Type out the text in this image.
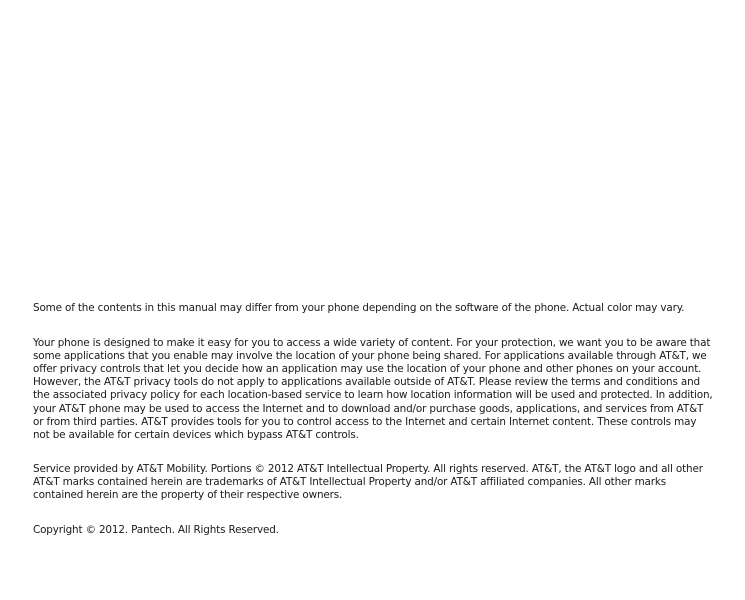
Some of the contents in this manual may differ from your phone depending on the software of the phone. Actual color may vary.

Your phone is designed to make it easy for you to access a wide variety of content. For your protection, we want you to be aware that some applications that you enable may involve the location of your phone being shared. For applications available through AT&T, we offer privacy controls that let you decide how an application may use the location of your phone and other phones on your account. However, the AT&T privacy tools do not apply to applications available outside of AT&T. Please review the terms and conditions and the associated privacy policy for each location-based service to learn how location information will be used and protected. In addition, your AT&T phone may be used to access the Internet and to download and/or purchase goods, applications, and services from AT&T or from third parties. AT&T provides tools for you to control access to the Internet and certain Internet content. These controls may not be available for certain devices which bypass AT&T controls.

Service provided by AT&T Mobility. Portions © 2012 AT&T Intellectual Property. All rights reserved. AT&T, the AT&T logo and all other AT&T marks contained herein are trademarks of AT&T Intellectual Property and/or AT&T affiliated companies. All other marks contained herein are the property of their respective owners.

Copyright © 2012. Pantech. All Rights Reserved.
